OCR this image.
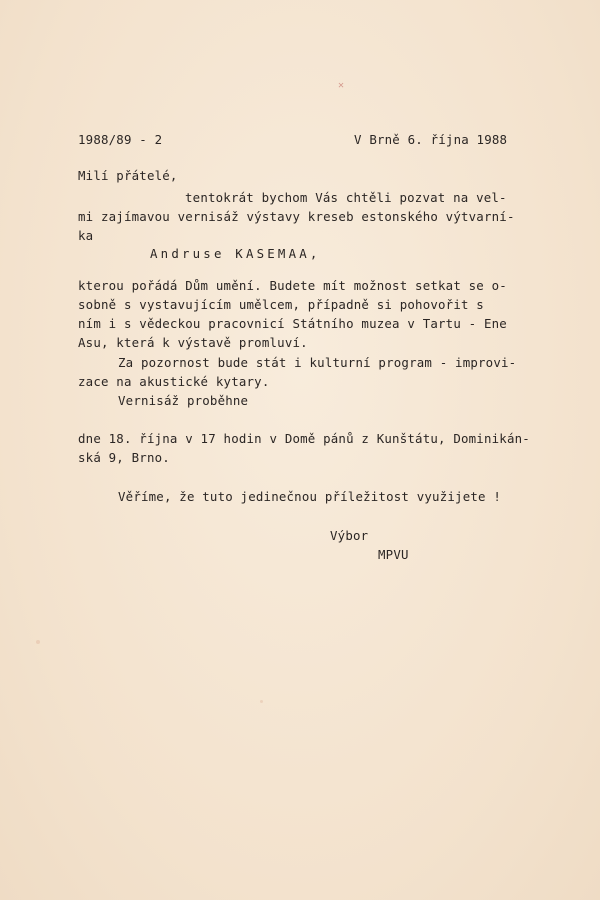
✕
1988/89 - 2	V Brně 6. října 1988
Milí přátelé,
tentokrát bychom Vás chtěli pozvat na vel-
mi zajímavou vernisáž výstavy kreseb estonského výtvarní-
ka
Andruse KASEMAA,
kterou pořádá Dům umění. Budete mít možnost setkat se o-
sobně s vystavujícím umělcem, případně si pohovořit s
ním i s vědeckou pracovnicí Státního muzea v Tartu - Ene
Asu, která k výstavě promluví.
Za pozornost bude stát i kulturní program - improvi-
zace na akustické kytary.
Vernisáž proběhne
dne 18. října v 17 hodin v Domě pánů z Kunštátu, Dominikán-
ská 9, Brno.
Věříme, že tuto jedinečnou příležitost využijete !
Výbor
MPVU
